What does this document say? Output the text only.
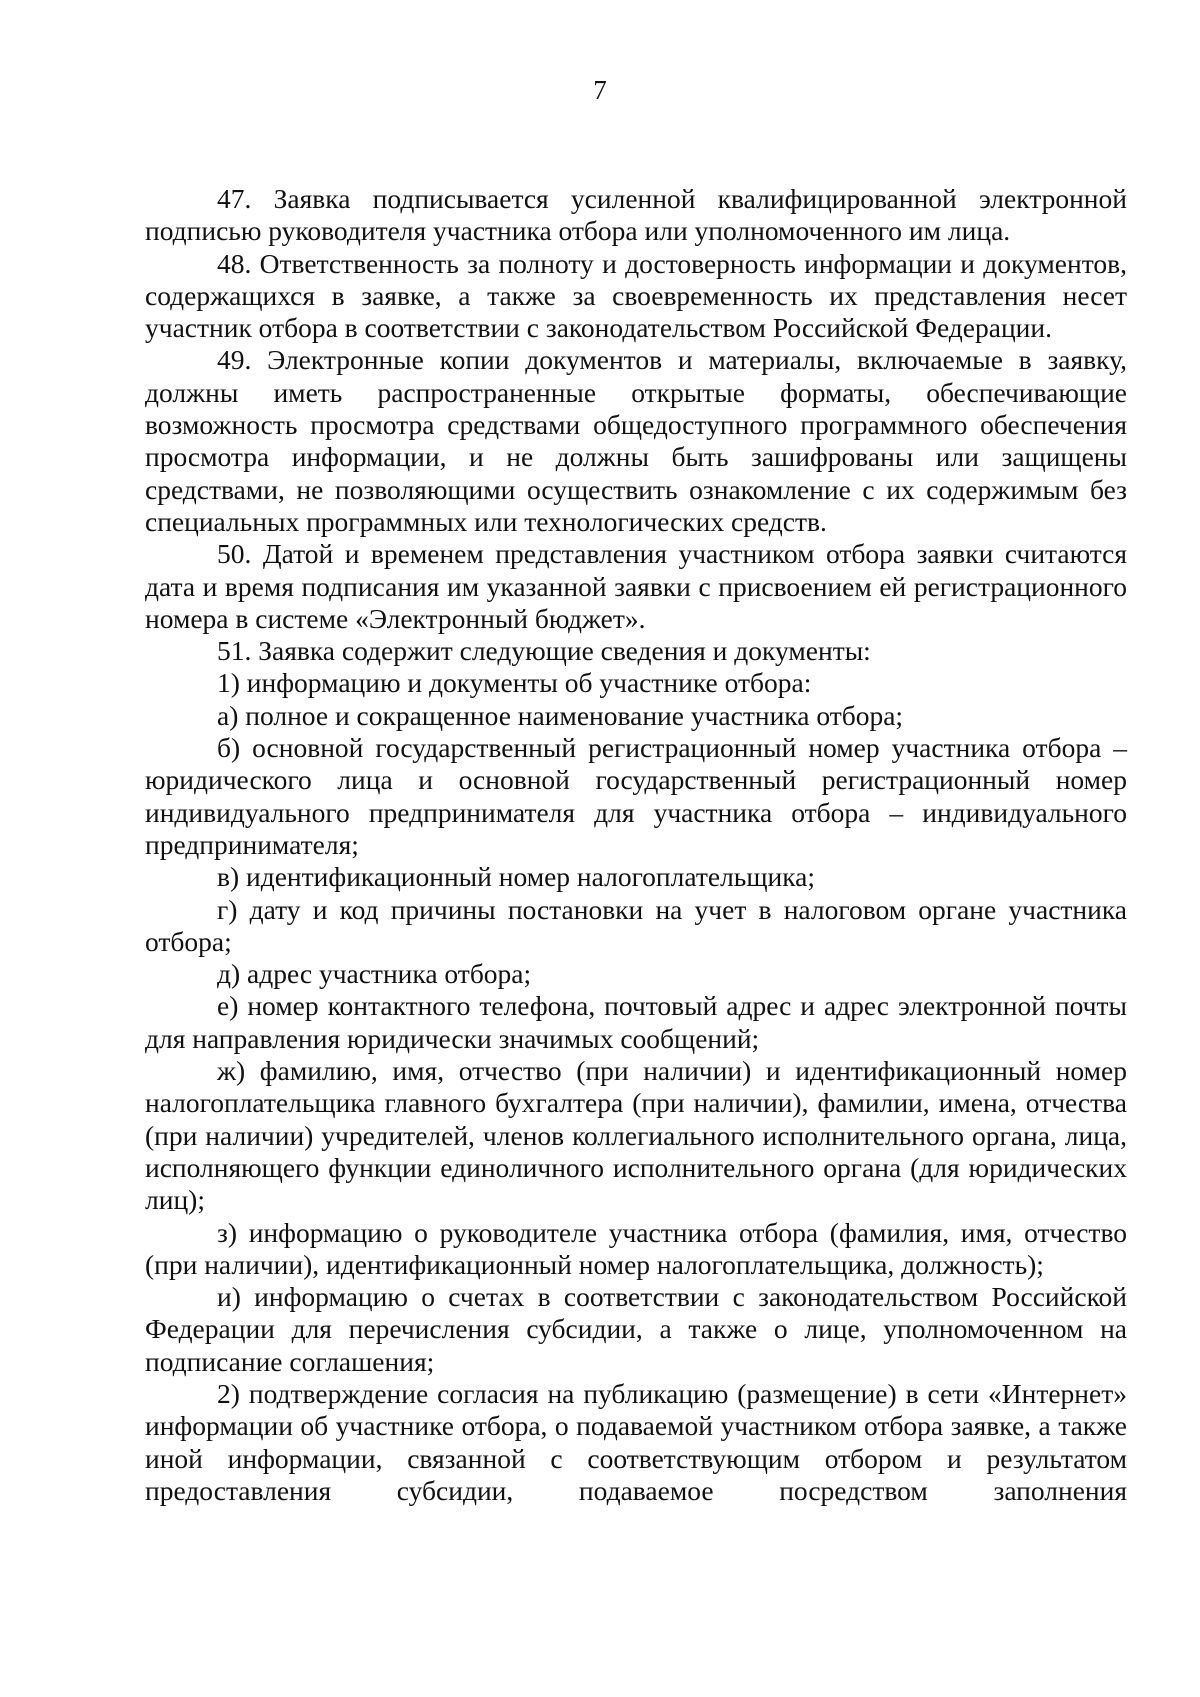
7

47. Заявка подписывается усиленной квалифицированной электронной подписью руководителя участника отбора или уполномоченного им лица.

48. Ответственность за полноту и достоверность информации и документов, содержащихся в заявке, а также за своевременность их представления несет участник отбора в соответствии с законодательством Российской Федерации.

49. Электронные копии документов и материалы, включаемые в заявку, должны иметь распространенные открытые форматы, обеспечивающие возможность просмотра средствами общедоступного программного обеспечения просмотра информации, и не должны быть зашифрованы или защищены средствами, не позволяющими осуществить ознакомление с их содержимым без специальных программных или технологических средств.

50. Датой и временем представления участником отбора заявки считаются дата и время подписания им указанной заявки с присвоением ей регистрационного номера в системе «Электронный бюджет».

51. Заявка содержит следующие сведения и документы:

1) информацию и документы об участнике отбора:

а) полное и сокращенное наименование участника отбора;

б) основной государственный регистрационный номер участника отбора – юридического лица и основной государственный регистрационный номер индивидуального предпринимателя для участника отбора – индивидуального предпринимателя;

в) идентификационный номер налогоплательщика;

г) дату и код причины постановки на учет в налоговом органе участника отбора;

д) адрес участника отбора;

е) номер контактного телефона, почтовый адрес и адрес электронной почты для направления юридически значимых сообщений;

ж) фамилию, имя, отчество (при наличии) и идентификационный номер налогоплательщика главного бухгалтера (при наличии), фамилии, имена, отчества (при наличии) учредителей, членов коллегиального исполнительного органа, лица, исполняющего функции единоличного исполнительного органа (для юридических лиц);

з) информацию о руководителе участника отбора (фамилия, имя, отчество (при наличии), идентификационный номер налогоплательщика, должность);

и) информацию о счетах в соответствии с законодательством Российской Федерации для перечисления субсидии, а также о лице, уполномоченном на подписание соглашения;

2) подтверждение согласия на публикацию (размещение) в сети «Интернет» информации об участнике отбора, о подаваемой участником отбора заявке, а также иной информации, связанной с соответствующим отбором и результатом предоставления субсидии, подаваемое посредством заполнения
